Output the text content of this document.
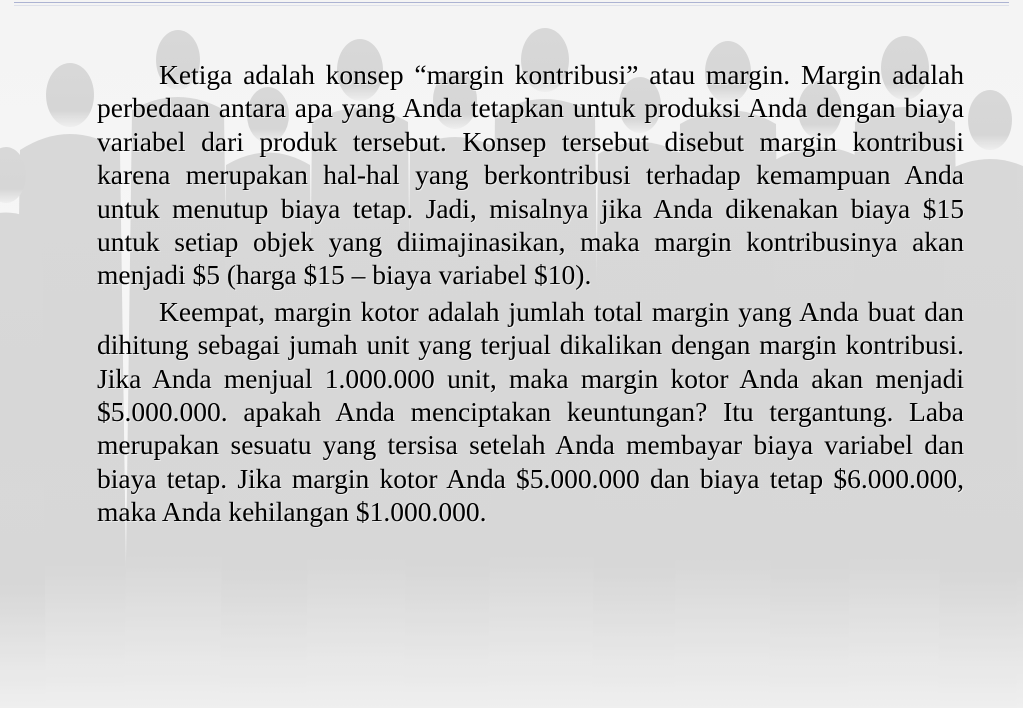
Ketiga adalah konsep “margin kontribusi” atau margin. Margin adalah perbedaan antara apa yang Anda tetapkan untuk produksi Anda dengan biaya variabel dari produk tersebut. Konsep tersebut disebut margin kontribusi karena merupakan hal-hal yang berkontribusi terhadap kemampuan Anda untuk menutup biaya tetap. Jadi, misalnya jika Anda dikenakan biaya $15 untuk setiap objek yang diimajinasikan, maka margin kontribusinya akan menjadi $5 (harga $15 – biaya variabel $10).

Keempat, margin kotor adalah jumlah total margin yang Anda buat dan dihitung sebagai jumah unit yang terjual dikalikan dengan margin kontribusi. Jika Anda menjual 1.000.000 unit, maka margin kotor Anda akan menjadi $5.000.000. apakah Anda menciptakan keuntungan? Itu tergantung. Laba merupakan sesuatu yang tersisa setelah Anda membayar biaya variabel dan biaya tetap. Jika margin kotor Anda $5.000.000 dan biaya tetap $6.000.000, maka Anda kehilangan $1.000.000.
